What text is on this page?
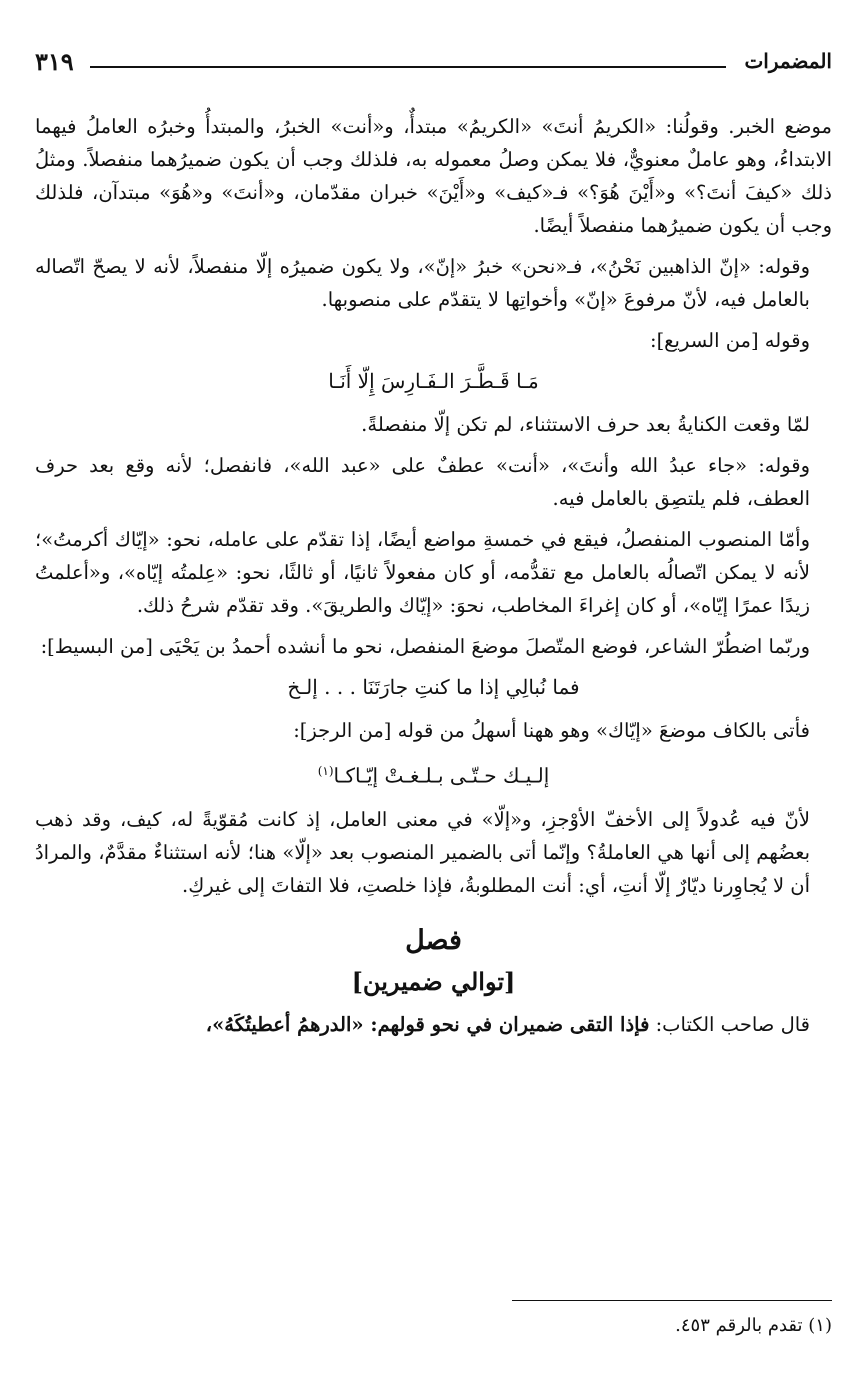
المضمرات
٣١٩

موضع الخبر. وقولُنا: «الكريمُ أنتَ» «الكريمُ» مبتدأٌ، و«أنت» الخبرُ، والمبتدأُ وخبرُه العاملُ فيهما الابتداءُ، وهو عاملٌ معنويٌّ، فلا يمكن وصلُ معموله به، فلذلك وجب أن يكون ضميرُهما منفصلاً. ومثلُ ذلك «كيفَ أنتَ؟» و«أَيْنَ هُوَ؟» فـ«كيف» و«أَيْنَ» خبران مقدّمان، و«أنتَ» و«هُوَ» مبتدآن، فلذلك وجب أن يكون ضميرُهما منفصلاً أيضًا.

وقوله: «إنّ الذاهبين نَحْنُ»، فـ«نحن» خبرُ «إنّ»، ولا يكون ضميرُه إلّا منفصلاً، لأنه لا يصحّ اتّصاله بالعامل فيه، لأنّ مرفوعَ «إنّ» وأخواتِها لا يتقدّم على منصوبها.

وقوله [من السريع]:

مَـا قَـطَّـرَ الـفَـارِسَ إِلّا أَنَـا

لمّا وقعت الكنايةُ بعد حرف الاستثناء، لم تكن إلّا منفصلةً.

وقوله: «جاء عبدُ الله وأنتَ»، «أنت» عطفٌ على «عبد الله»، فانفصل؛ لأنه وقع بعد حرف العطف، فلم يلتصِق بالعامل فيه.

وأمّا المنصوب المنفصلُ، فيقع في خمسةِ مواضع أيضًا، إذا تقدّم على عامله، نحو: «إيّاك أكرمتُ»؛ لأنه لا يمكن اتّصالُه بالعامل مع تقدُّمه، أو كان مفعولاً ثانيًا، أو ثالثًا، نحو: «عِلمتُه إيّاه»، و«أعلمتُ زيدًا عمرًا إيّاه»، أو كان إغراءَ المخاطب، نحوَ: «إيّاك والطريقَ». وقد تقدّم شرحُ ذلك.

وربّما اضطُرّ الشاعر، فوضع المتّصلَ موضعَ المنفصل، نحو ما أنشده أحمدُ بن يَحْيَى [من البسيط]:

فما نُبالِي إذا ما كنتِ جارَتَنَا . . . إلـخ

فأتى بالكاف موضعَ «إيّاك» وهو ههنا أسهلُ من قوله [من الرجز]:

إلـيـك حـتّـى بـلـغـتْ إيّـاكـا$^{(١)}$

لأنّ فيه عُدولاً إلى الأخفّ الأوْجزِ، و«إلّا» في معنى العامل، إذ كانت مُقوّيةً له، كيف، وقد ذهب بعضُهم إلى أنها هي العاملةُ؟ وإنّما أتى بالضمير المنصوب بعد «إلّا» هنا؛ لأنه استثناءٌ مقدَّمٌ، والمرادُ أن لا يُجاوِرنا ديّارٌ إلّا أنتِ، أي: أنت المطلوبةُ، فإذا خلصتِ، فلا التفاتَ إلى غيركِ.

فصل
[توالي ضميرين]

قال صاحب الكتاب: فإذا التقى ضميران في نحو قولهم: «الدرهمُ أعطيتُكَهُ»،

(١) تقدم بالرقم ٤٥٣.
